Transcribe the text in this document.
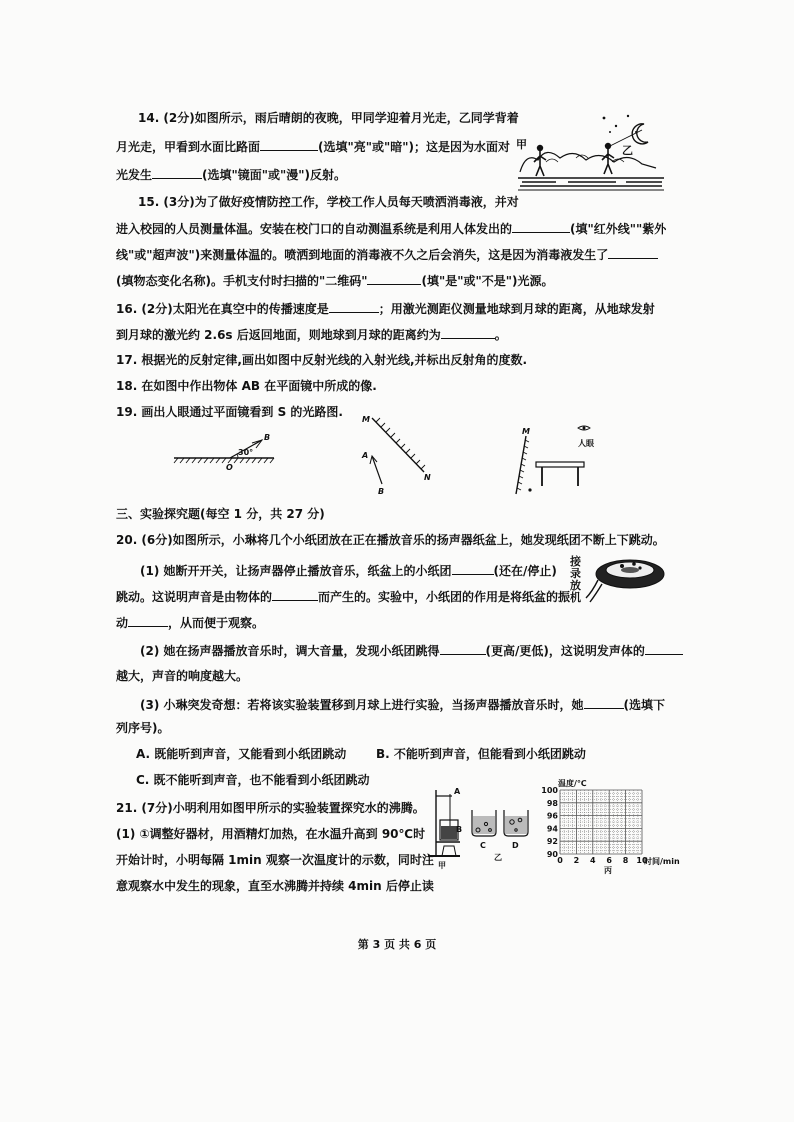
14. (2分)如图所示，雨后晴朗的夜晚，甲同学迎着月光走，乙同学背着
月光走，甲看到水面比路面	(选填"亮"或"暗")；这是因为水面对
光发生	(选填"镜面"或"漫")反射。
甲	乙
15. (3分)为了做好疫情防控工作，学校工作人员每天喷洒消毒液，并对
进入校园的人员测量体温。安装在校门口的自动测温系统是利用人体发出的	(填"红外线""紫外
线"或"超声波")来测量体温的。喷洒到地面的消毒液不久之后会消失，这是因为消毒液发生了
(填物态变化名称)。手机支付时扫描的"二维码"	(填"是"或"不是")光源。
16. (2分)太阳光在真空中的传播速度是	；用激光测距仪测量地球到月球的距离，从地球发射
到月球的激光约 2.6s 后返回地面，则地球到月球的距离约为	。
17. 根据光的反射定律,画出如图中反射光线的入射光线,并标出反射角的度数.
18. 在如图中作出物体 AB 在平面镜中所成的像.
19. 画出人眼通过平面镜看到 S 的光路图.
30°
B
O
M
N
A
B
M
人眼
三、实验探究题(每空 1 分，共 27 分)
20. (6分)如图所示，小琳将几个小纸团放在正在播放音乐的扬声器纸盆上，她发现纸团不断上下跳动。
(1) 她断开开关，让扬声器停止播放音乐，纸盆上的小纸团	(还在/停止)
跳动。这说明声音是由物体的	而产生的。实验中，小纸团的作用是将纸盆的振
动	，从而便于观察。
接
录
放
机
(2) 她在扬声器播放音乐时，调大音量，发现小纸团跳得	(更高/更低)，这说明发声体的
越大，声音的响度越大。
(3) 小琳突发奇想：若将该实验装置移到月球上进行实验，当扬声器播放音乐时，她	(选填下
列序号)。
A. 既能听到声音，又能看到小纸团跳动 B. 不能听到声音，但能看到小纸团跳动
C. 既不能听到声音，也不能看到小纸团跳动
21. (7分)小明利用如图甲所示的实验装置探究水的沸腾。
(1) ①调整好器材，用酒精灯加热，在水温升高到 90℃时
开始计时，小明每隔 1min 观察一次温度计的示数，同时注
意观察水中发生的现象，直至水沸腾并持续 4min 后停止读
A
B
甲
C	D
乙
温度/℃
100
98
96
94
92
90
0 2 4 6 8 10
时间/min
丙
第 3 页 共 6 页
